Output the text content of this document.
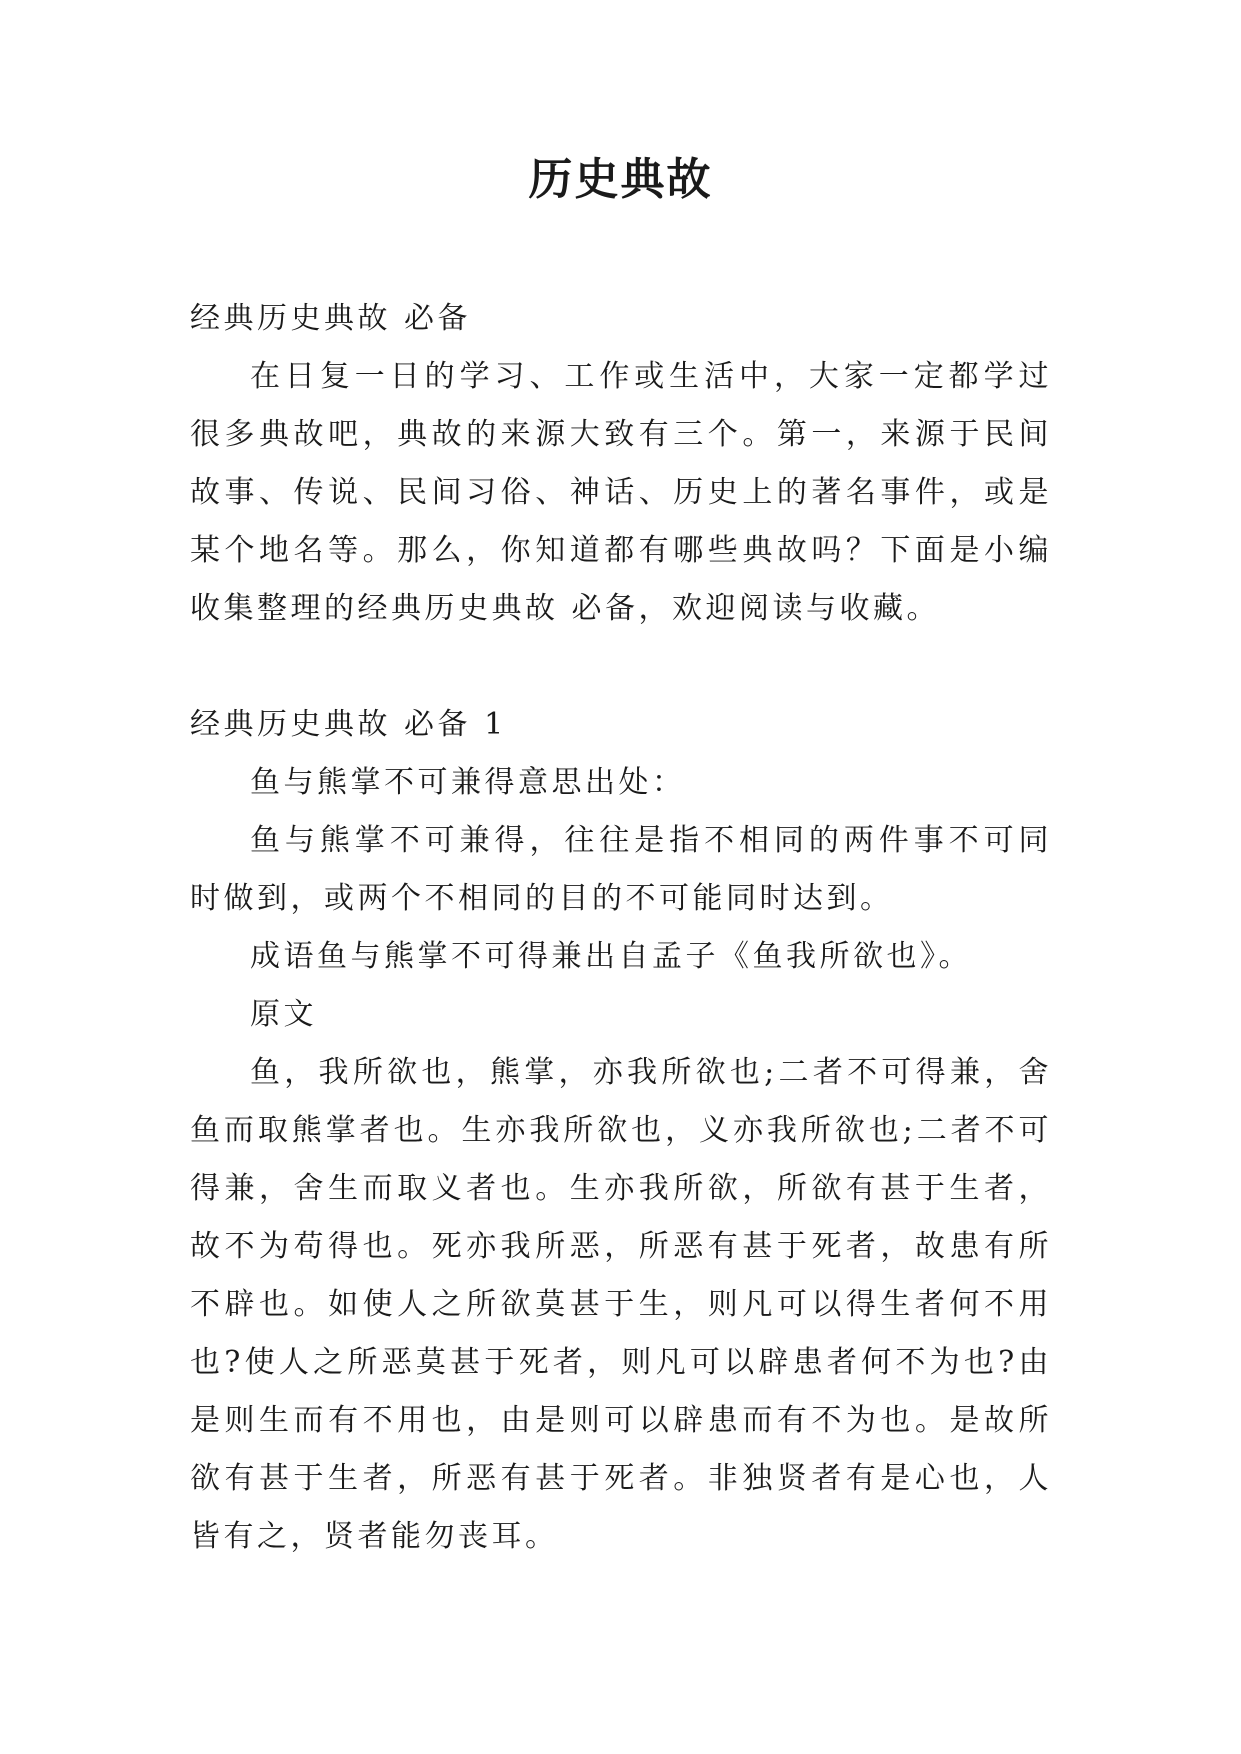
历史典故

经典历史典故 必备

在日复一日的学习、工作或生活中，大家一定都学过很多典故吧，典故的来源大致有三个。第一，来源于民间故事、传说、民间习俗、神话、历史上的著名事件，或是某个地名等。那么，你知道都有哪些典故吗？下面是小编收集整理的经典历史典故 必备，欢迎阅读与收藏。

经典历史典故 必备 1

鱼与熊掌不可兼得意思出处：

鱼与熊掌不可兼得，往往是指不相同的两件事不可同时做到，或两个不相同的目的不可能同时达到。

成语鱼与熊掌不可得兼出自孟子《鱼我所欲也》。

原文

鱼，我所欲也，熊掌，亦我所欲也;二者不可得兼，舍鱼而取熊掌者也。生亦我所欲也，义亦我所欲也;二者不可得兼，舍生而取义者也。生亦我所欲，所欲有甚于生者，故不为苟得也。死亦我所恶，所恶有甚于死者，故患有所不辟也。如使人之所欲莫甚于生，则凡可以得生者何不用也?使人之所恶莫甚于死者，则凡可以辟患者何不为也?由是则生而有不用也，由是则可以辟患而有不为也。是故所欲有甚于生者，所恶有甚于死者。非独贤者有是心也，人皆有之，贤者能勿丧耳。
